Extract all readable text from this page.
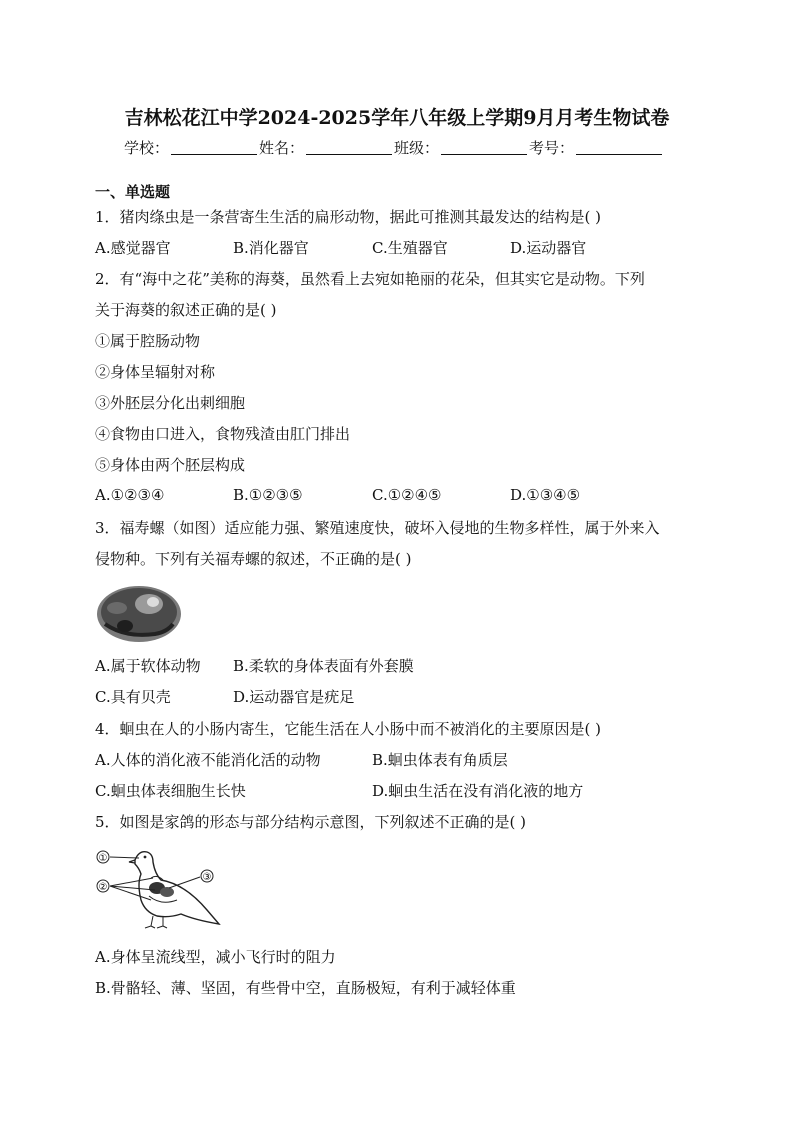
吉林松花江中学2024-2025学年八年级上学期9月月考生物试卷
学校：	姓名：	班级：	考号：
一、单选题
1．猪肉绦虫是一条营寄生生活的扁形动物，据此可推测其最发达的结构是( )
A.感觉器官	B.消化器官	C.生殖器官	D.运动器官
2．有“海中之花”美称的海葵，虽然看上去宛如艳丽的花朵，但其实它是动物。下列
关于海葵的叙述正确的是( )
①属于腔肠动物
②身体呈辐射对称
③外胚层分化出刺细胞
④食物由口进入，食物残渣由肛门排出
⑤身体由两个胚层构成
A.①②③④	B.①②③⑤	C.①②④⑤	D.①③④⑤
3．福寿螺（如图）适应能力强、繁殖速度快，破坏入侵地的生物多样性，属于外来入
侵物种。下列有关福寿螺的叙述，不正确的是( )
A.属于软体动物 B.柔软的身体表面有外套膜
C.具有贝壳	D.运动器官是疣足
4．蛔虫在人的小肠内寄生，它能生活在人小肠中而不被消化的主要原因是( )
A.人体的消化液不能消化活的动物	B.蛔虫体表有角质层
C.蛔虫体表细胞生长快	D.蛔虫生活在没有消化液的地方
5．如图是家鸽的形态与部分结构示意图，下列叙述不正确的是( )
①
②
③
A.身体呈流线型，减小飞行时的阻力
B.骨骼轻、薄、坚固，有些骨中空，直肠极短，有利于减轻体重
